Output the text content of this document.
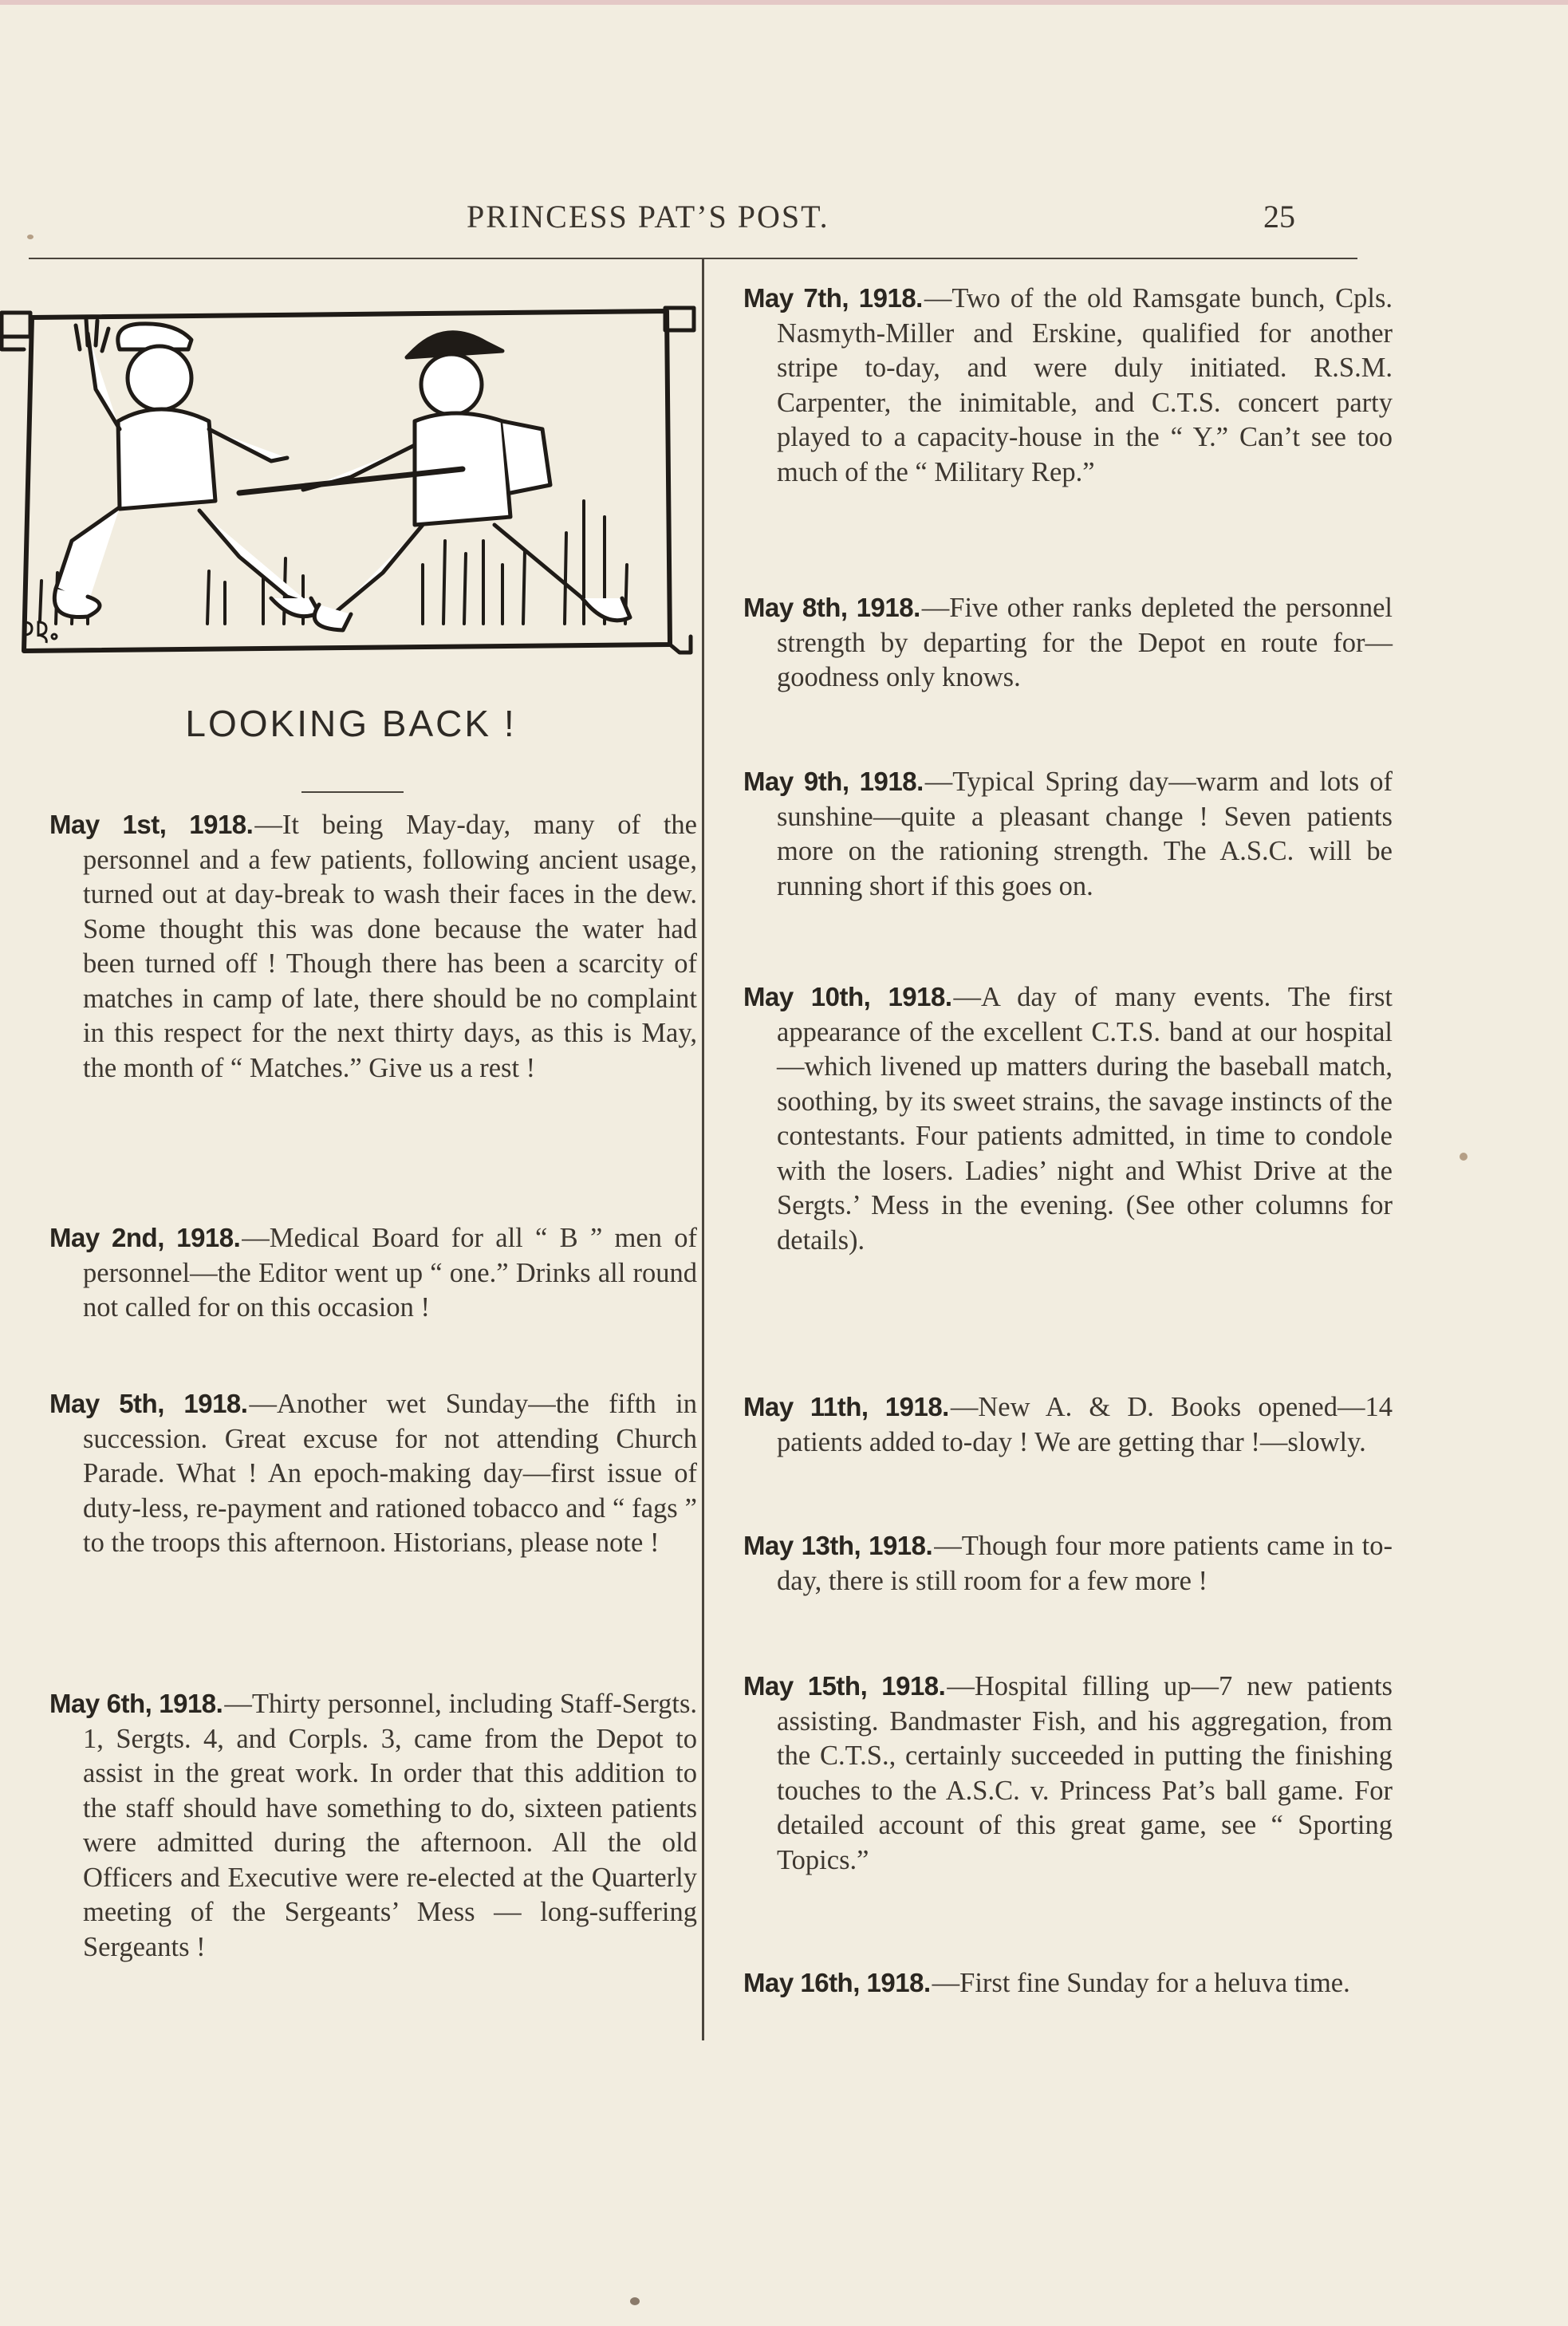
PRINCESS PAT’S POST.	25
LOOKING BACK !

May 1st, 1918.—It being May-day, many of the personnel and a few patients, following ancient usage, turned out at day-break to wash their faces in the dew. Some thought this was done because the water had been turned off ! Though there has been a scarcity of matches in camp of late, there should be no complaint in this respect for the next thirty days, as this is May, the month of “ Matches.” Give us a rest !

May 2nd, 1918.—Medical Board for all “ B ” men of personnel—the Editor went up “ one.” Drinks all round not called for on this occasion !

May 5th, 1918.—Another wet Sunday—the fifth in succession. Great excuse for not attending Church Parade. What ! An epoch-making day—first issue of duty-less, re-payment and rationed tobacco and “ fags ” to the troops this afternoon. Historians, please note !

May 6th, 1918.—Thirty personnel, including Staff-Sergts. 1, Sergts. 4, and Corpls. 3, came from the Depot to assist in the great work. In order that this addition to the staff should have something to do, sixteen patients were admitted during the afternoon. All the old Officers and Executive were re-elected at the Quarterly meeting of the Sergeants’ Mess — long-suffering Sergeants !

May 7th, 1918.—Two of the old Ramsgate bunch, Cpls. Nasmyth-Miller and Erskine, qualified for another stripe to-day, and were duly initiated. R.S.M. Carpenter, the inimitable, and C.T.S. concert party played to a capacity-house in the “ Y.” Can’t see too much of the “ Military Rep.”

May 8th, 1918.—Five other ranks depleted the personnel strength by departing for the Depot en route for—goodness only knows.

May 9th, 1918.—Typical Spring day—warm and lots of sunshine—quite a pleasant change ! Seven patients more on the rationing strength. The A.S.C. will be running short if this goes on.

May 10th, 1918.—A day of many events. The first appearance of the excellent C.T.S. band at our hospital—which livened up matters during the baseball match, soothing, by its sweet strains, the savage instincts of the contestants. Four patients admitted, in time to condole with the losers. Ladies’ night and Whist Drive at the Sergts.’ Mess in the evening. (See other columns for details).

May 11th, 1918.—New A. & D. Books opened—14 patients added to-day ! We are getting thar !—slowly.

May 13th, 1918.—Though four more patients came in to-day, there is still room for a few more !

May 15th, 1918.—Hospital filling up—7 new patients assisting. Bandmaster Fish, and his aggregation, from the C.T.S., certainly succeeded in putting the finishing touches to the A.S.C. v. Princess Pat’s ball game. For detailed account of this great game, see “ Sporting Topics.”

May 16th, 1918.—First fine Sunday for a heluva time.
